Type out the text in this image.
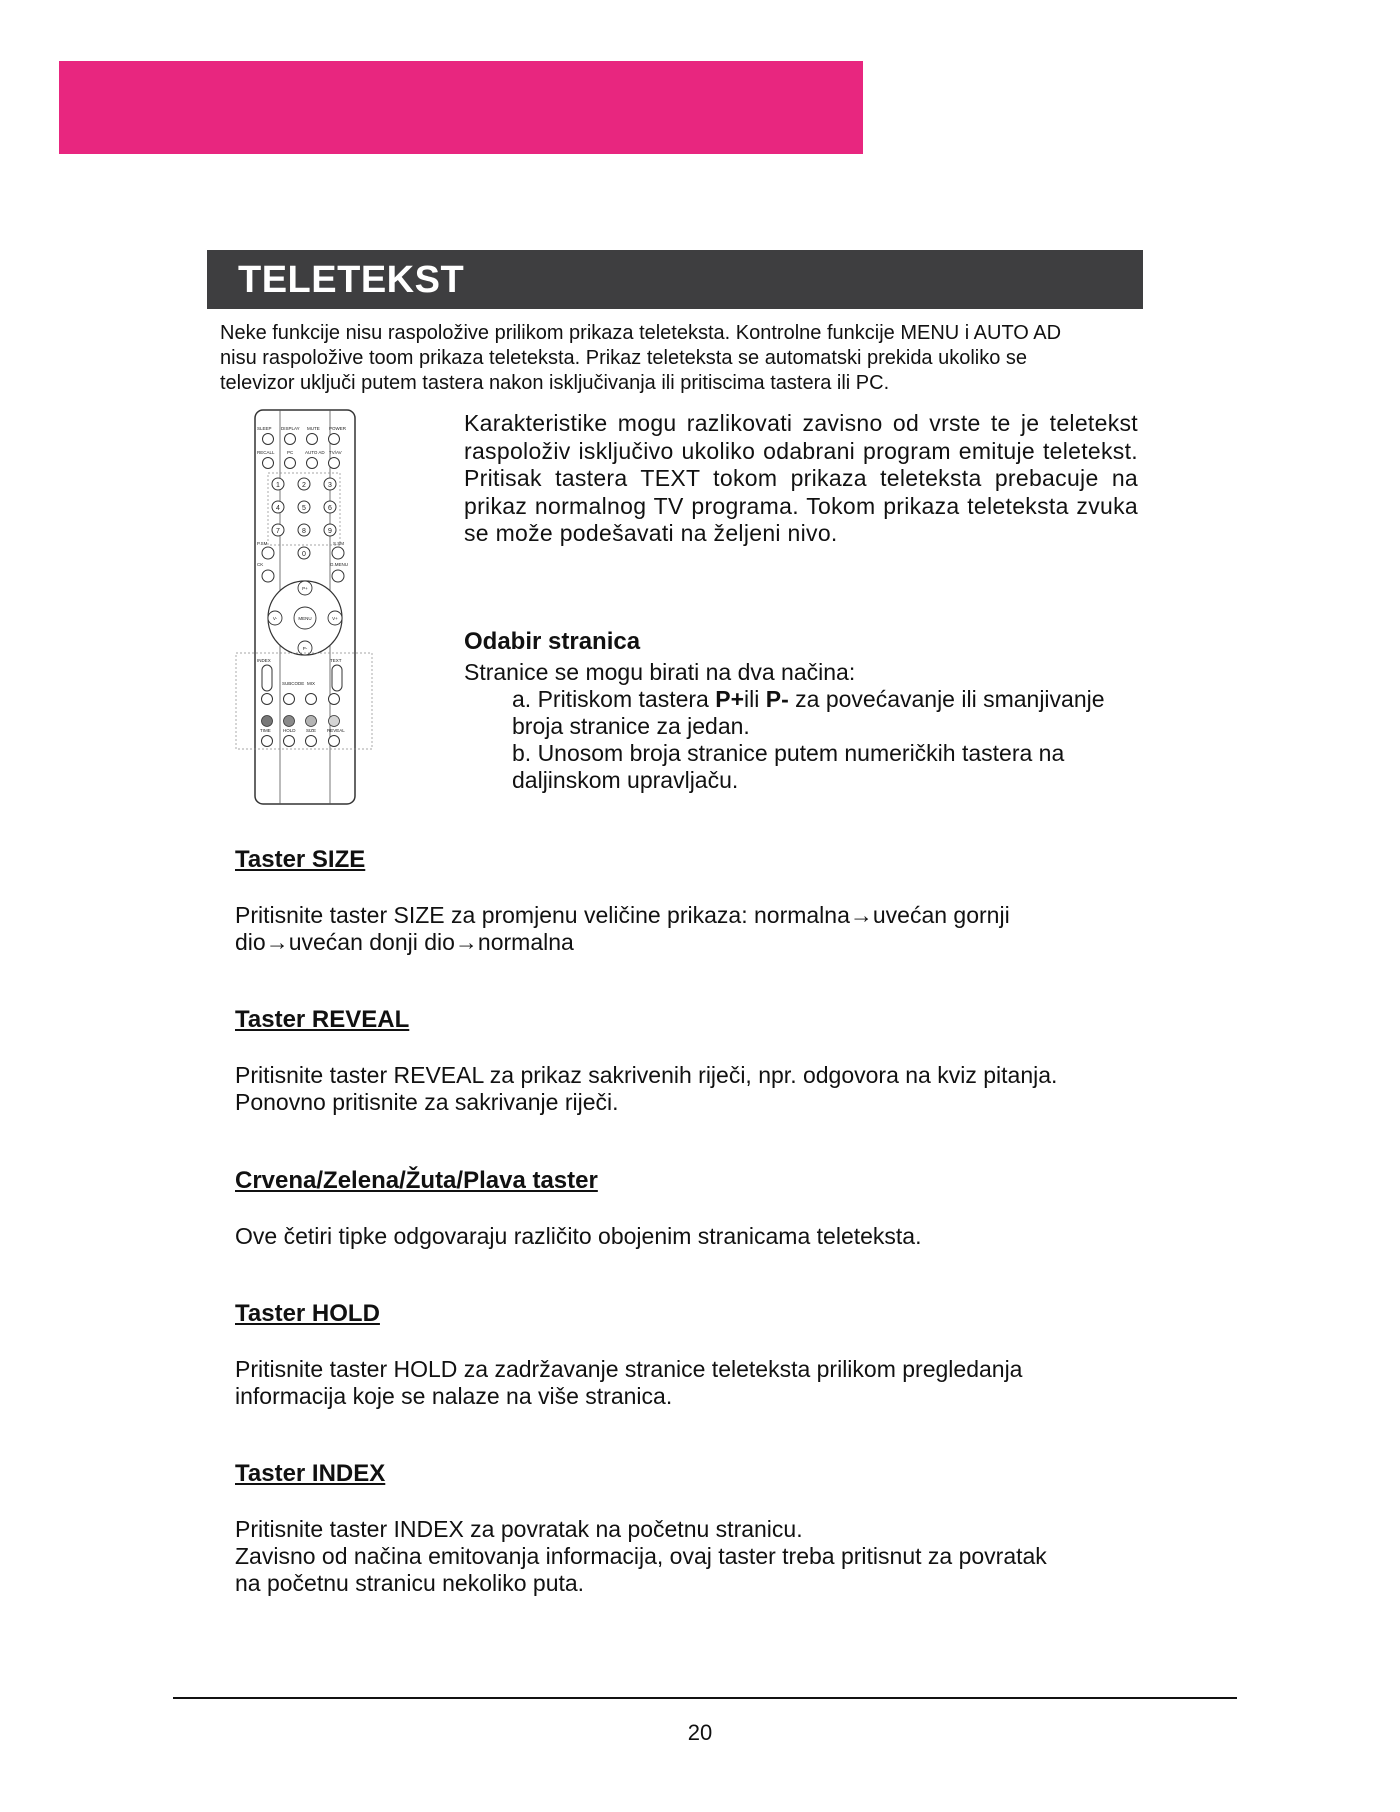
TELETEKST
Neke funkcije nisu raspoložive prilikom prikaza teleteksta. Kontrolne funkcije MENU i AUTO AD
nisu raspoložive toom prikaza teleteksta. Prikaz teleteksta se automatski prekida ukoliko se
televizor uključi putem tastera nakon isključivanja ili pritiscima tastera ili PC.
SLEEP DISPLAY MUTE POWER
RECALL	PC	AUTO AD TV/AV
1	2	3
4	5	6
7	8	9
0
P.SM	S.SM
CK	G.MENU
P+
P-
V-	V+
MENU
INDEX	TEXT
SUBCODE MIX
TIME	HOLD SIZE REVEAL

Karakteristike mogu razlikovati zavisno od vrste te je teletekst raspoloživ isključivo ukoliko odabrani program emituje teletekst. Pritisak tastera TEXT tokom prikaza teleteksta prebacuje na prikaz normalnog TV programa. Tokom prikaza teleteksta zvuka se može podešavati na željeni nivo.

Odabir stranica
Stranice se mogu birati na dva načina:
a. Pritiskom tastera P+ili P- za povećavanje ili smanjivanje
broja stranice za jedan.
b. Unosom broja stranice putem numeričkih tastera na
daljinskom upravljaču.
Taster SIZE
Pritisnite taster SIZE za promjenu veličine prikaza: normalna→uvećan gornji
dio→uvećan donji dio→normalna
Taster REVEAL
Pritisnite taster REVEAL za prikaz sakrivenih riječi, npr. odgovora na kviz pitanja.
Ponovno pritisnite za sakrivanje riječi.
Crvena/Zelena/Žuta/Plava taster
Ove četiri tipke odgovaraju različito obojenim stranicama teleteksta.
Taster HOLD
Pritisnite taster HOLD za zadržavanje stranice teleteksta prilikom pregledanja
informacija koje se nalaze na više stranica.
Taster INDEX
Pritisnite taster INDEX za povratak na početnu stranicu.
Zavisno od načina emitovanja informacija, ovaj taster treba pritisnut za povratak
na početnu stranicu nekoliko puta.
20
